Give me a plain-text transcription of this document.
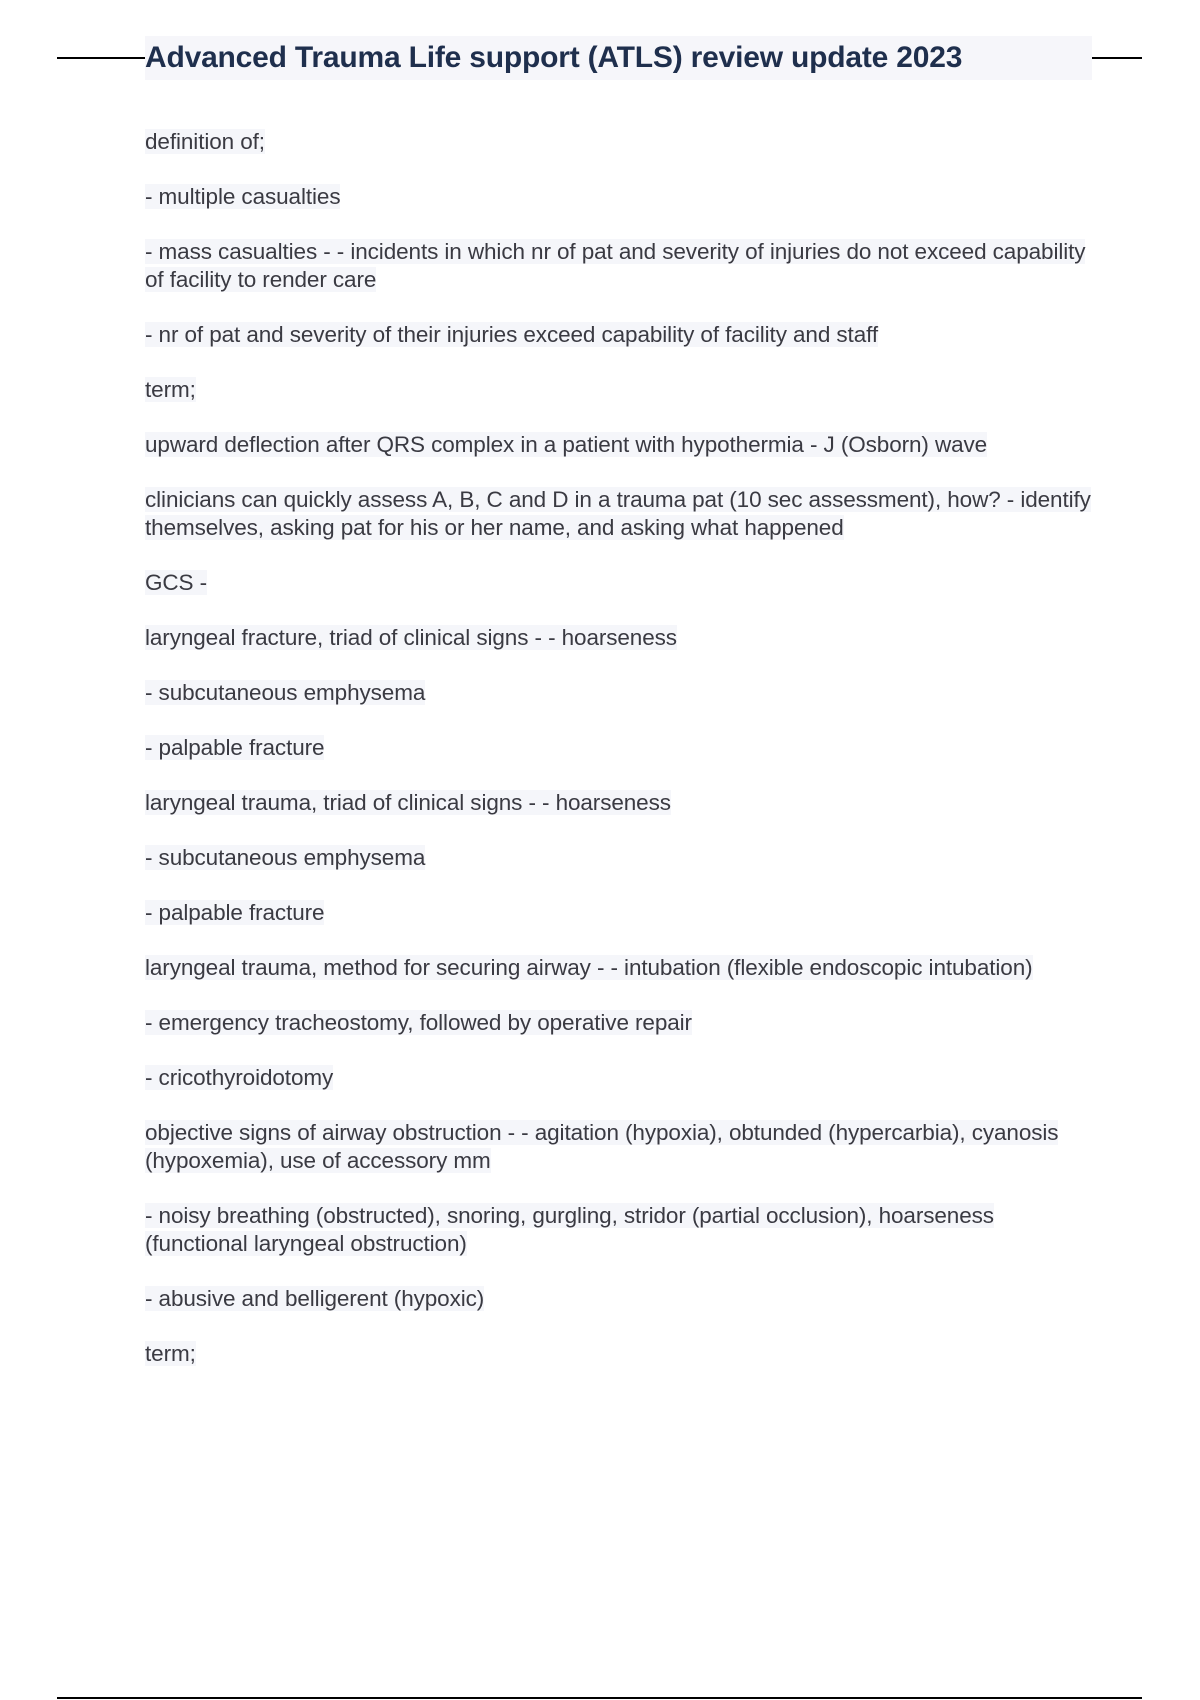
Advanced Trauma Life support (ATLS) review update 2023

definition of;

- multiple casualties

- mass casualties - - incidents in which nr of pat and severity of injuries do not exceed capability of facility to render care

- nr of pat and severity of their injuries exceed capability of facility and staff

term;

upward deflection after QRS complex in a patient with hypothermia - J (Osborn) wave

clinicians can quickly assess A, B, C and D in a trauma pat (10 sec assessment), how? - identify themselves, asking pat for his or her name, and asking what happened

GCS -

laryngeal fracture, triad of clinical signs - - hoarseness

- subcutaneous emphysema

- palpable fracture

laryngeal trauma, triad of clinical signs - - hoarseness

- subcutaneous emphysema

- palpable fracture

laryngeal trauma, method for securing airway - - intubation (flexible endoscopic intubation)

- emergency tracheostomy, followed by operative repair

- cricothyroidotomy

objective signs of airway obstruction - - agitation (hypoxia), obtunded (hypercarbia), cyanosis (hypoxemia), use of accessory mm

- noisy breathing (obstructed), snoring, gurgling, stridor (partial occlusion), hoarseness (functional laryngeal obstruction)

- abusive and belligerent (hypoxic)

term;
